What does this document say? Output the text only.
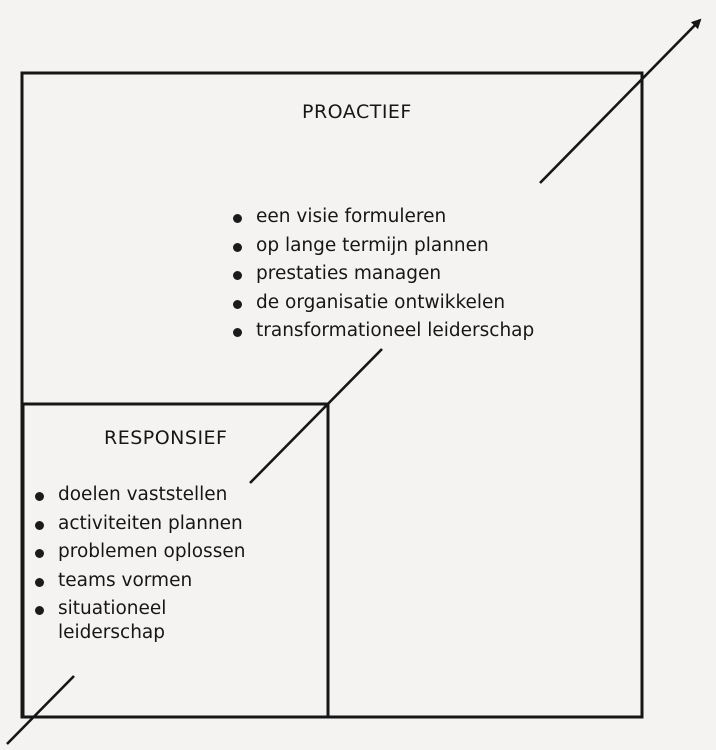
PROACTIEF
een visie formuleren
op lange termijn plannen
prestaties managen
de organisatie ontwikkelen
transformationeel leiderschap
RESPONSIEF
doelen vaststellen
activiteiten plannen
problemen oplossen
teams vormen
situationeel leiderschap
